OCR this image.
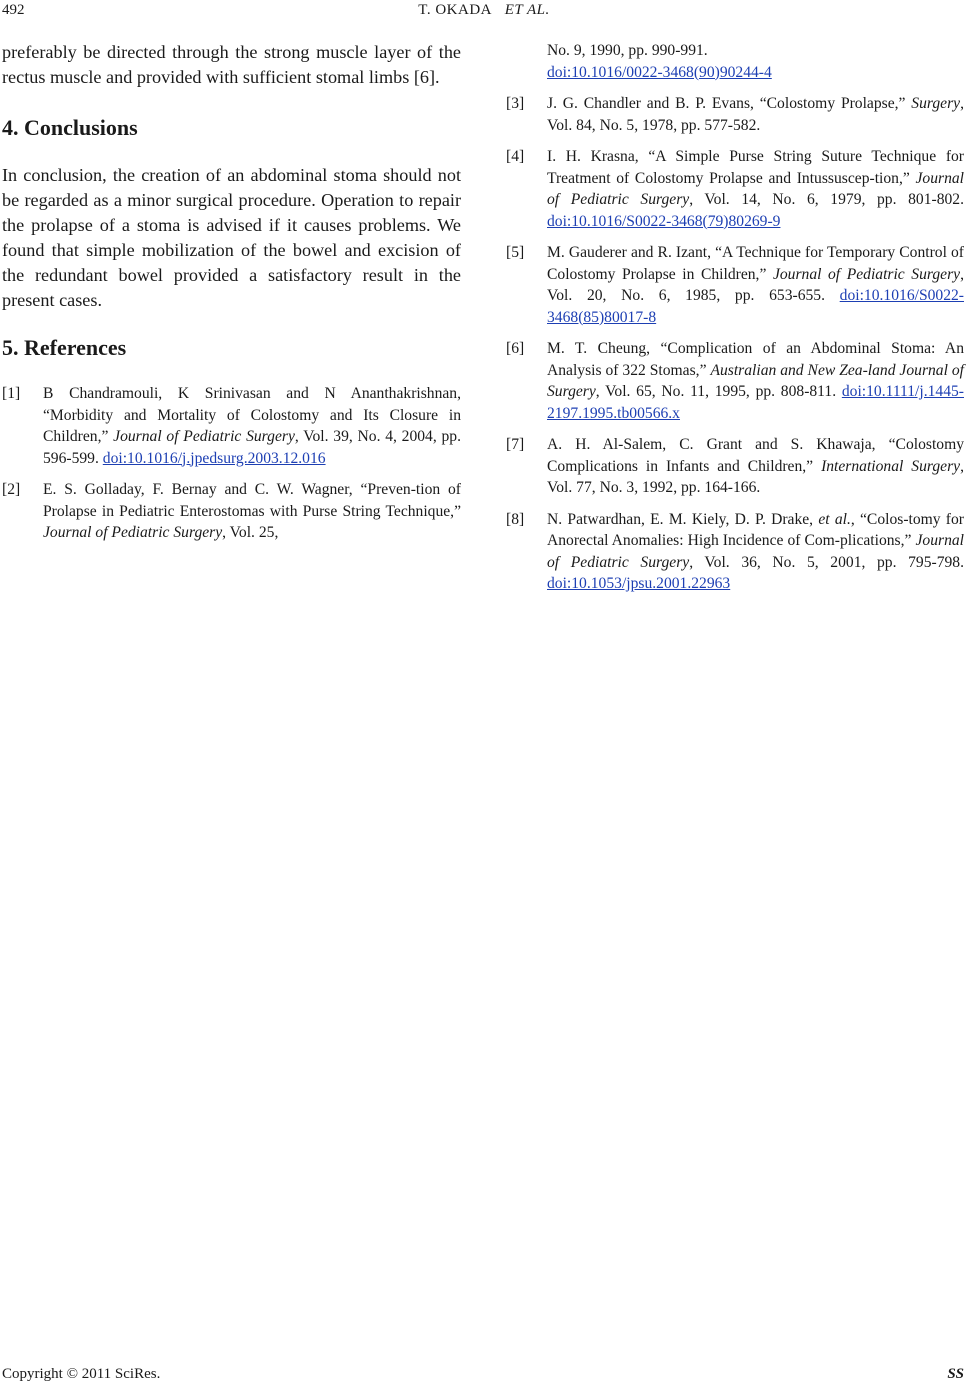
492	T. OKADA ET AL.

preferably be directed through the strong muscle layer of the rectus muscle and provided with sufficient stomal limbs [6].

4. Conclusions

In conclusion, the creation of an abdominal stoma should not be regarded as a minor surgical procedure. Operation to repair the prolapse of a stoma is advised if it causes problems. We found that simple mobilization of the bowel and excision of the redundant bowel provided a satisfactory result in the present cases.

5. References

[1] B Chandramouli, K Srinivasan and N Ananthakrishnan, “Morbidity and Mortality of Colostomy and Its Closure in Children,” Journal of Pediatric Surgery, Vol. 39, No. 4, 2004, pp. 596-599. doi:10.1016/j.jpedsurg.2003.12.016

[2] E. S. Golladay, F. Bernay and C. W. Wagner, “Preven-tion of Prolapse in Pediatric Enterostomas with Purse String Technique,” Journal of Pediatric Surgery, Vol. 25,

No. 9, 1990, pp. 990-991.
doi:10.1016/0022-3468(90)90244-4

[3] J. G. Chandler and B. P. Evans, “Colostomy Prolapse,” Surgery, Vol. 84, No. 5, 1978, pp. 577-582.

[4] I. H. Krasna, “A Simple Purse String Suture Technique for Treatment of Colostomy Prolapse and Intussuscep-tion,” Journal of Pediatric Surgery, Vol. 14, No. 6, 1979, pp. 801-802. doi:10.1016/S0022-3468(79)80269-9

[5] M. Gauderer and R. Izant, “A Technique for Temporary Control of Colostomy Prolapse in Children,” Journal of Pediatric Surgery, Vol. 20, No. 6, 1985, pp. 653-655. doi:10.1016/S0022-3468(85)80017-8

[6] M. T. Cheung, “Complication of an Abdominal Stoma: An Analysis of 322 Stomas,” Australian and New Zea-land Journal of Surgery, Vol. 65, No. 11, 1995, pp. 808-811. doi:10.1111/j.1445-2197.1995.tb00566.x

[7] A. H. Al-Salem, C. Grant and S. Khawaja, “Colostomy Complications in Infants and Children,” International Surgery, Vol. 77, No. 3, 1992, pp. 164-166.

[8] N. Patwardhan, E. M. Kiely, D. P. Drake, et al., “Colos-tomy for Anorectal Anomalies: High Incidence of Com-plications,” Journal of Pediatric Surgery, Vol. 36, No. 5, 2001, pp. 795-798. doi:10.1053/jpsu.2001.22963

Copyright © 2011 SciRes.	SS
